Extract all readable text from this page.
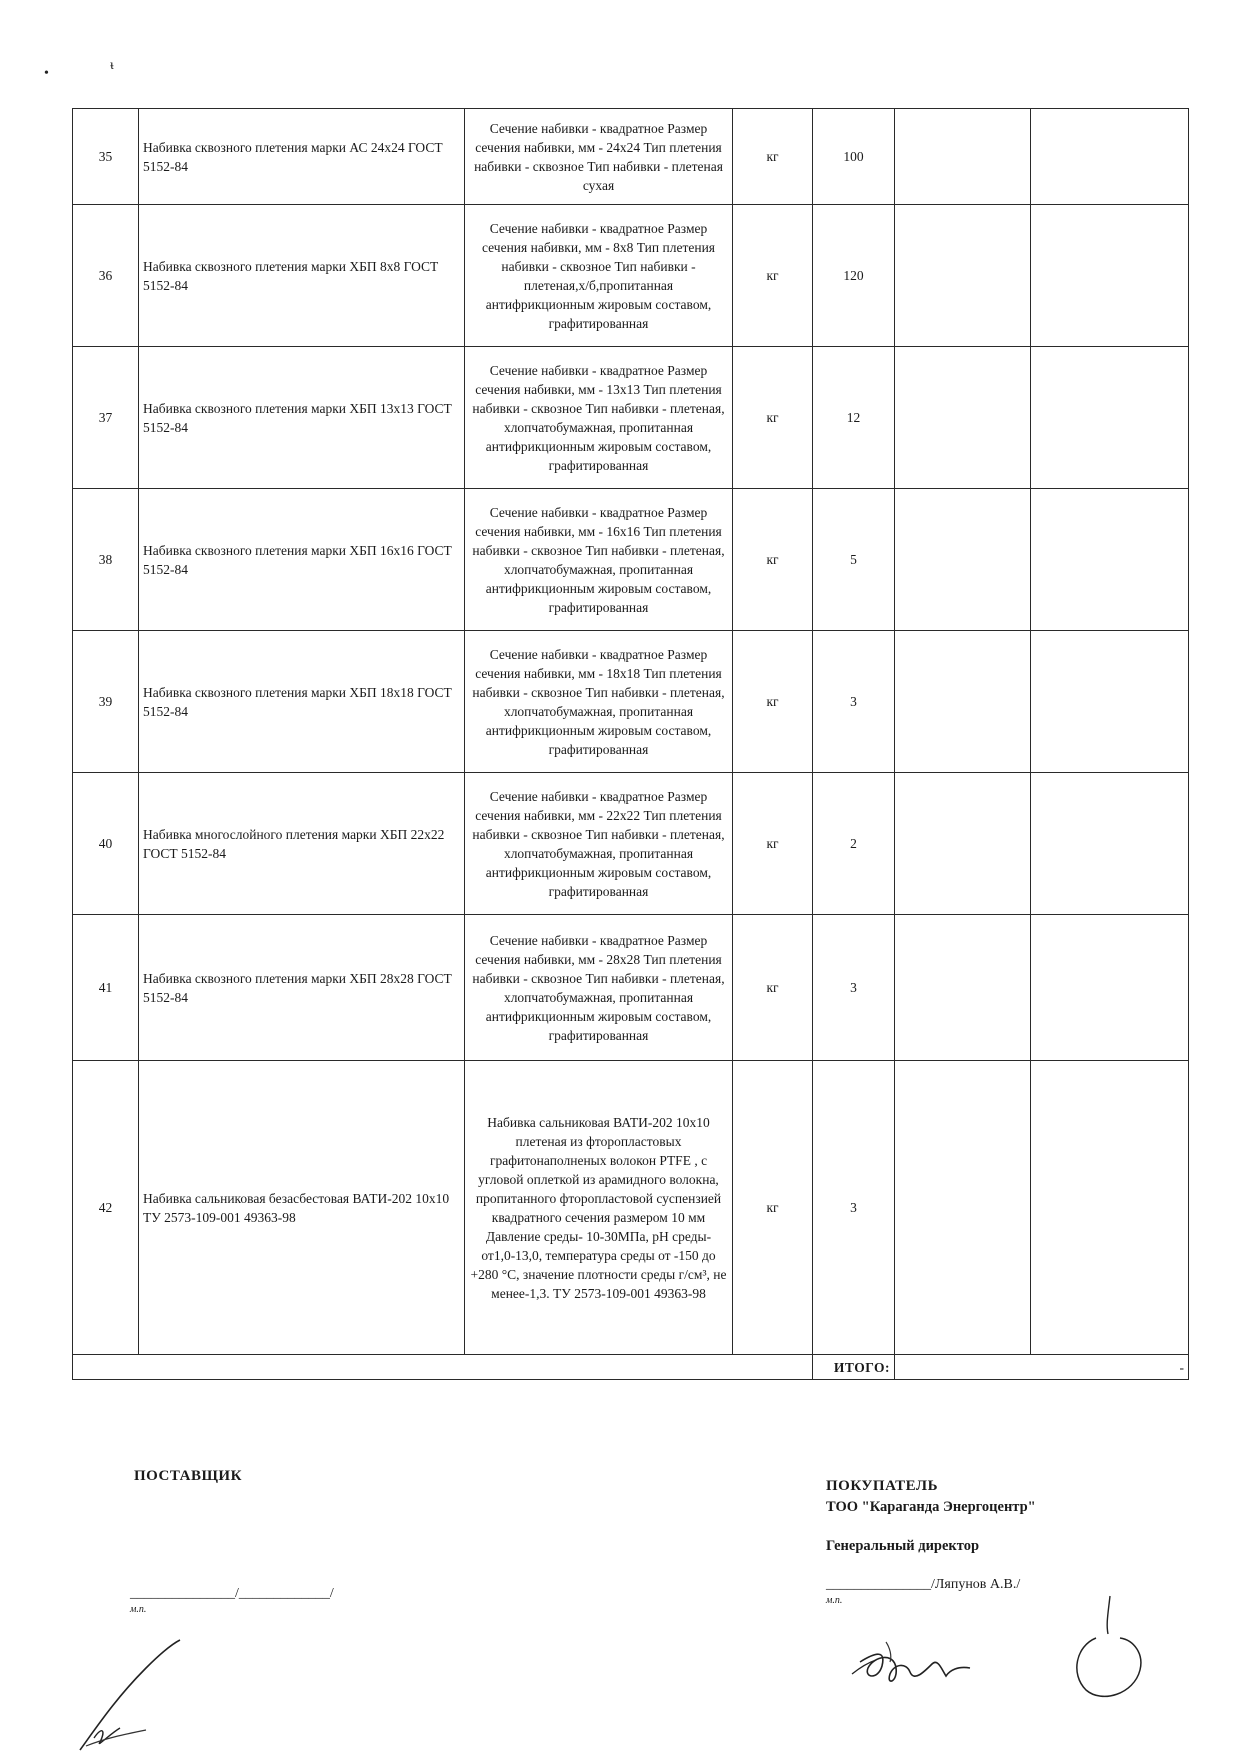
•
ᵼ
35	Набивка сквозного плетения марки АС 24х24 ГОСТ 5152-84	Сечение набивки - квадратное Размер сечения набивки, мм - 24х24 Тип плетения набивки - сквозное Тип набивки - плетеная сухая	кг	100		
36	Набивка сквозного плетения марки ХБП 8х8 ГОСТ 5152-84	Сечение набивки - квадратное Размер сечения набивки, мм - 8х8 Тип плетения набивки - сквозное Тип набивки - плетеная,х/б,пропитанная антифрикционным жировым составом, графитированная	кг	120		
37	Набивка сквозного плетения марки ХБП 13х13 ГОСТ 5152-84	Сечение набивки - квадратное Размер сечения набивки, мм - 13х13 Тип плетения набивки - сквозное Тип набивки - плетеная, хлопчатобумажная, пропитанная антифрикционным жировым составом, графитированная	кг	12		
38	Набивка сквозного плетения марки ХБП 16х16 ГОСТ 5152-84	Сечение набивки - квадратное Размер сечения набивки, мм - 16х16 Тип плетения набивки - сквозное Тип набивки - плетеная, хлопчатобумажная, пропитанная антифрикционным жировым составом, графитированная	кг	5		
39	Набивка сквозного плетения марки ХБП 18х18 ГОСТ 5152-84	Сечение набивки - квадратное Размер сечения набивки, мм - 18х18 Тип плетения набивки - сквозное Тип набивки - плетеная, хлопчатобумажная, пропитанная антифрикционным жировым составом, графитированная	кг	3		
40	Набивка многослойного плетения марки ХБП 22х22 ГОСТ 5152-84	Сечение набивки - квадратное Размер сечения набивки, мм - 22х22 Тип плетения набивки - сквозное Тип набивки - плетеная, хлопчатобумажная, пропитанная антифрикционным жировым составом, графитированная	кг	2		
41	Набивка сквозного плетения марки ХБП 28х28 ГОСТ 5152-84	Сечение набивки - квадратное Размер сечения набивки, мм - 28х28 Тип плетения набивки - сквозное Тип набивки - плетеная, хлопчатобумажная, пропитанная антифрикционным жировым составом, графитированная	кг	3		
42	Набивка сальниковая безасбестовая ВАТИ-202 10х10 ТУ 2573-109-001 49363-98	Набивка сальниковая ВАТИ-202 10х10 плетеная из фторопластовых графитонаполненых волокон PTFE , с угловой оплеткой из арамидного волокна, пропитанного фторопластовой суспензией квадратного сечения размером 10 мм Давление среды- 10-30МПа, pH среды- от1,0-13,0, температура среды от -150 до +280 °С, значение плотности среды г/см³, не менее-1,3. ТУ 2573-109-001 49363-98	кг	3		
				ИТОГО:	-	
ПОСТАВЩИК
_______________/_____________/
м.п.
ПОКУПАТЕЛЬ
ТОО "Караганда Энергоцентр"
Генеральный директор
_______________/Ляпунов А.В./
м.п.
